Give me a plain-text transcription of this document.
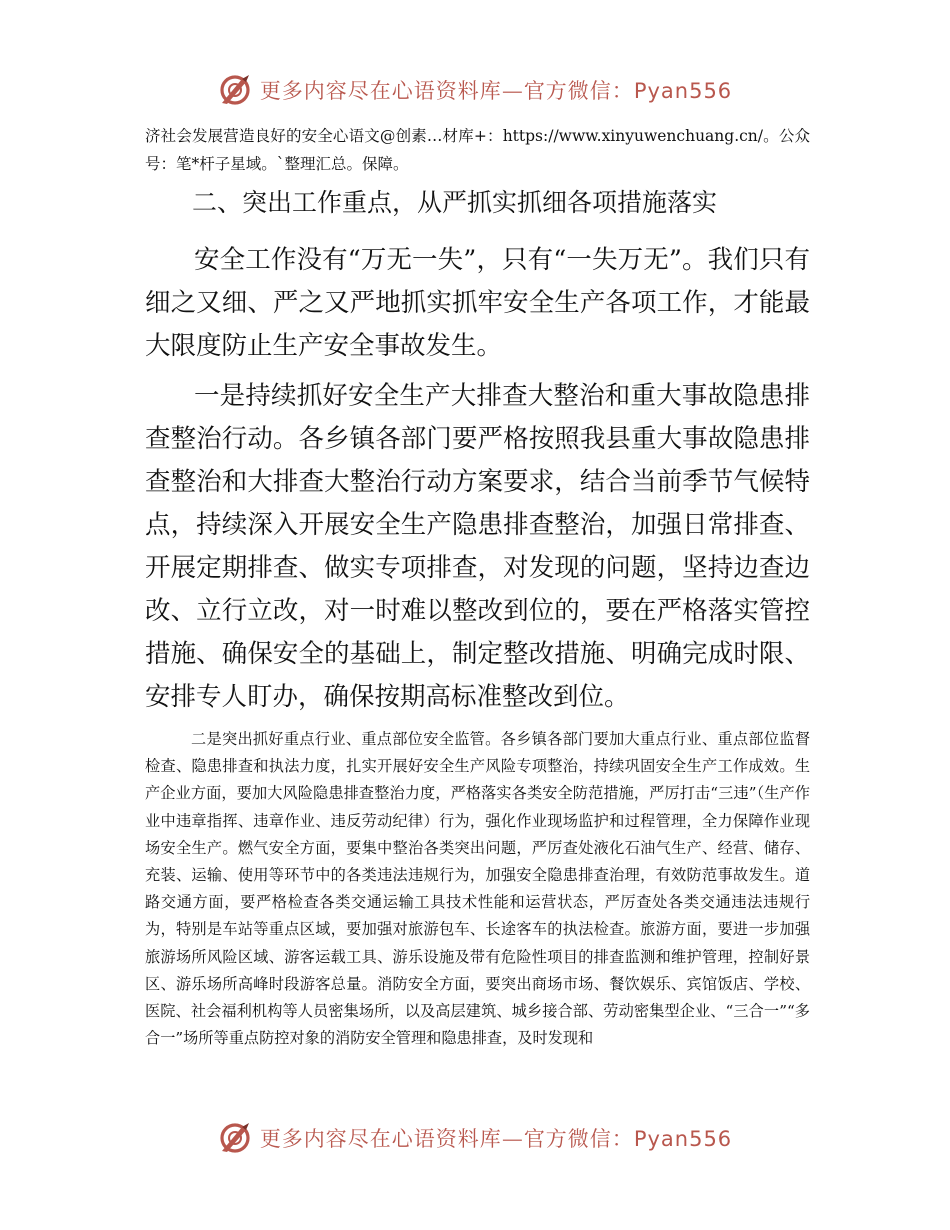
更多内容尽在心语资料库—官方微信：Pyan556
济社会发展营造良好的安全心语文@创素…材库+：https://www.xinyuwenchuang.cn/。公众号：笔*杆子星域。`整理汇总。保障。
二、突出工作重点，从严抓实抓细各项措施落实
安全工作没有“万无一失”，只有“一失万无”。我们只有细之又细、严之又严地抓实抓牢安全生产各项工作，才能最大限度防止生产安全事故发生。
一是持续抓好安全生产大排查大整治和重大事故隐患排查整治行动。各乡镇各部门要严格按照我县重大事故隐患排查整治和大排查大整治行动方案要求，结合当前季节气候特点，持续深入开展安全生产隐患排查整治，加强日常排查、开展定期排查、做实专项排查，对发现的问题，坚持边查边改、立行立改，对一时难以整改到位的，要在严格落实管控措施、确保安全的基础上，制定整改措施、明确完成时限、安排专人盯办，确保按期高标准整改到位。
二是突出抓好重点行业、重点部位安全监管。各乡镇各部门要加大重点行业、重点部位监督检查、隐患排查和执法力度，扎实开展好安全生产风险专项整治，持续巩固安全生产工作成效。生产企业方面，要加大风险隐患排查整治力度，严格落实各类安全防范措施，严厉打击“三违”（生产作业中违章指挥、违章作业、违反劳动纪律）行为，强化作业现场监护和过程管理，全力保障作业现场安全生产。燃气安全方面，要集中整治各类突出问题，严厉查处液化石油气生产、经营、储存、充装、运输、使用等环节中的各类违法违规行为，加强安全隐患排查治理，有效防范事故发生。道路交通方面，要严格检查各类交通运输工具技术性能和运营状态，严厉查处各类交通违法违规行为，特别是车站等重点区域，要加强对旅游包车、长途客车的执法检查。旅游方面，要进一步加强旅游场所风险区域、游客运载工具、游乐设施及带有危险性项目的排查监测和维护管理，控制好景区、游乐场所高峰时段游客总量。消防安全方面，要突出商场市场、餐饮娱乐、宾馆饭店、学校、医院、社会福利机构等人员密集场所，以及高层建筑、城乡接合部、劳动密集型企业、“三合一”“多合一”场所等重点防控对象的消防安全管理和隐患排查，及时发现和
更多内容尽在心语资料库—官方微信：Pyan556
